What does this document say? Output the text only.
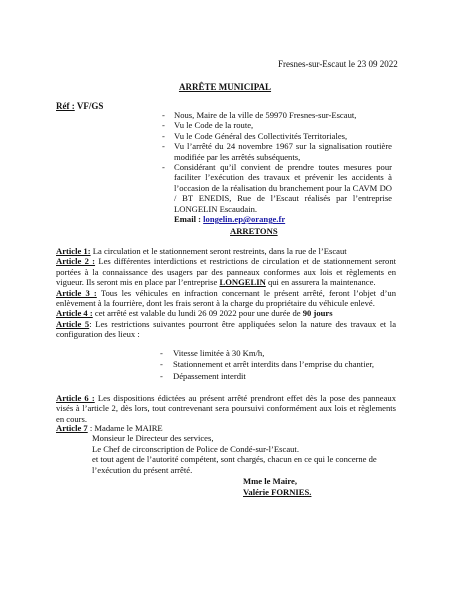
Fresnes-sur-Escaut le 23 09 2022
ARRÊTE MUNICIPAL
Réf : VF/GS
-	Nous, Maire de la ville de 59970 Fresnes-sur-Escaut,
-	Vu le Code de la route,
-	Vu le Code Général des Collectivités Territoriales,
-	Vu l’arrêté du 24 novembre 1967 sur la signalisation routière modifiée par les arrêtés subséquents,
-	Considérant qu’il convient de prendre toutes mesures pour faciliter l’exécution des travaux et prévenir les accidents à l’occasion de la réalisation du branchement pour la CAVM DO / BT ENEDIS, Rue de l’Escaut réalisés par l’entreprise LONGELIN Escaudain.
Email : longelin.ep@orange.fr
ARRETONS
Article 1: La circulation et le stationnement seront restreints, dans la rue de l’Escaut
Article 2 : Les différentes interdictions et restrictions de circulation et de stationnement seront portées à la connaissance des usagers par des panneaux conformes aux lois et règlements en vigueur. Ils seront mis en place par l’entreprise LONGELIN qui en assurera la maintenance.
Article 3 : Tous les véhicules en infraction concernant le présent arrêté, feront l’objet d’un enlèvement à la fourrière, dont les frais seront à la charge du propriétaire du véhicule enlevé.
Article 4 : cet arrêté est valable du lundi 26 09 2022 pour une durée de 90 jours
Article 5: Les restrictions suivantes pourront être appliquées selon la nature des travaux et la configuration des lieux :
-	Vitesse limitée à 30 Km/h,
-	Stationnement et arrêt interdits dans l’emprise du chantier,
-	Dépassement interdit
Article 6 : Les dispositions édictées au présent arrêté prendront effet dès la pose des panneaux visés à l’article 2, dès lors, tout contrevenant sera poursuivi conformément aux lois et règlements en cours.
Article 7 : Madame le MAIRE
Monsieur le Directeur des services,
Le Chef de circonscription de Police de Condé-sur-l’Escaut.
et tout agent de l’autorité compétent, sont chargés, chacun en ce qui le concerne de l’exécution du présent arrêté.
Mme le Maire,
Valérie FORNIES.
